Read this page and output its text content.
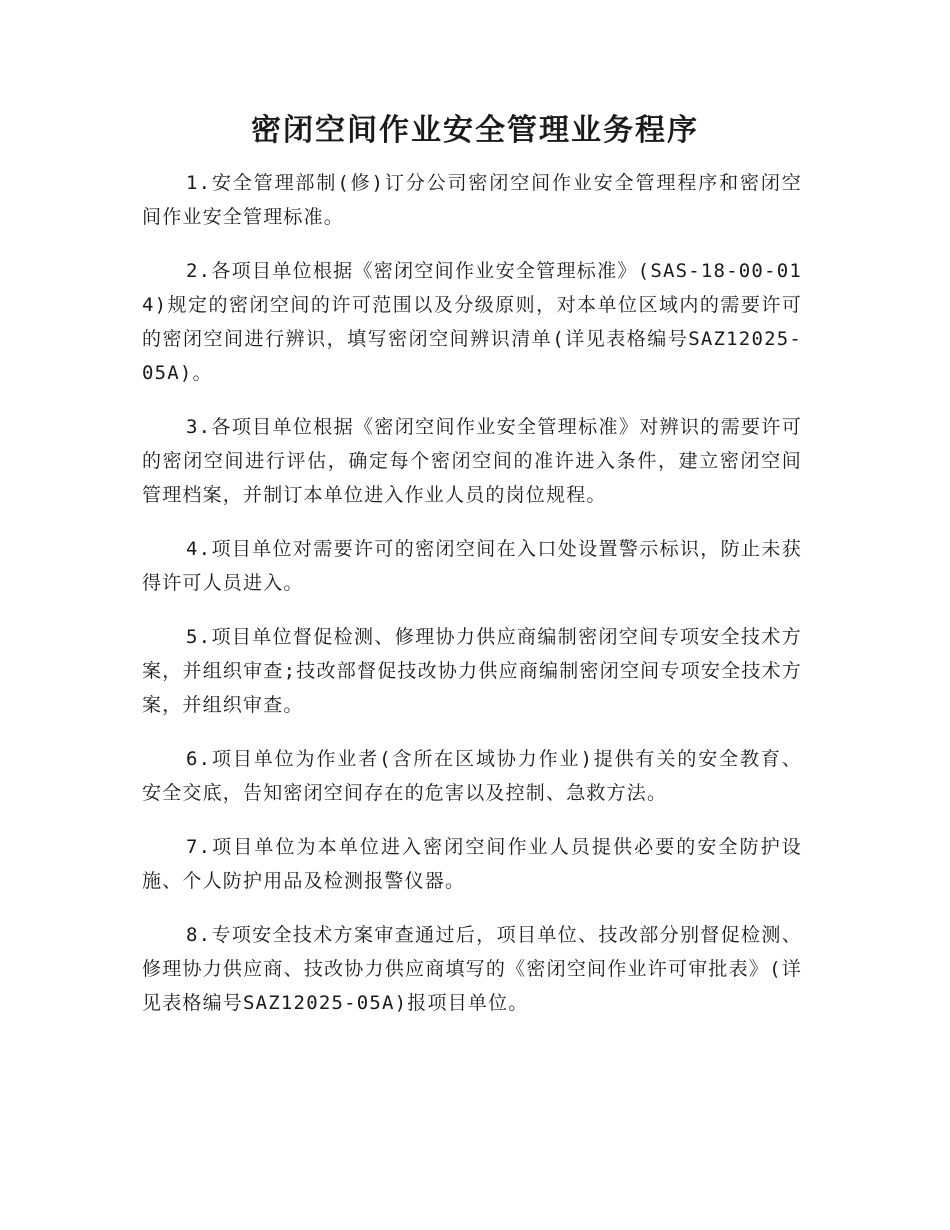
密闭空间作业安全管理业务程序

1.安全管理部制(修)订分公司密闭空间作业安全管理程序和密闭空间作业安全管理标准。

2.各项目单位根据《密闭空间作业安全管理标准》(SAS-18-00-014)规定的密闭空间的许可范围以及分级原则，对本单位区域内的需要许可的密闭空间进行辨识，填写密闭空间辨识清单(详见表格编号SAZ12025-05A)。

3.各项目单位根据《密闭空间作业安全管理标准》对辨识的需要许可的密闭空间进行评估，确定每个密闭空间的准许进入条件，建立密闭空间管理档案，并制订本单位进入作业人员的岗位规程。

4.项目单位对需要许可的密闭空间在入口处设置警示标识，防止未获得许可人员进入。

5.项目单位督促检测、修理协力供应商编制密闭空间专项安全技术方案，并组织审查;技改部督促技改协力供应商编制密闭空间专项安全技术方案，并组织审查。

6.项目单位为作业者(含所在区域协力作业)提供有关的安全教育、安全交底，告知密闭空间存在的危害以及控制、急救方法。

7.项目单位为本单位进入密闭空间作业人员提供必要的安全防护设施、个人防护用品及检测报警仪器。

8.专项安全技术方案审查通过后，项目单位、技改部分别督促检测、修理协力供应商、技改协力供应商填写的《密闭空间作业许可审批表》(详见表格编号SAZ12025-05A)报项目单位。
